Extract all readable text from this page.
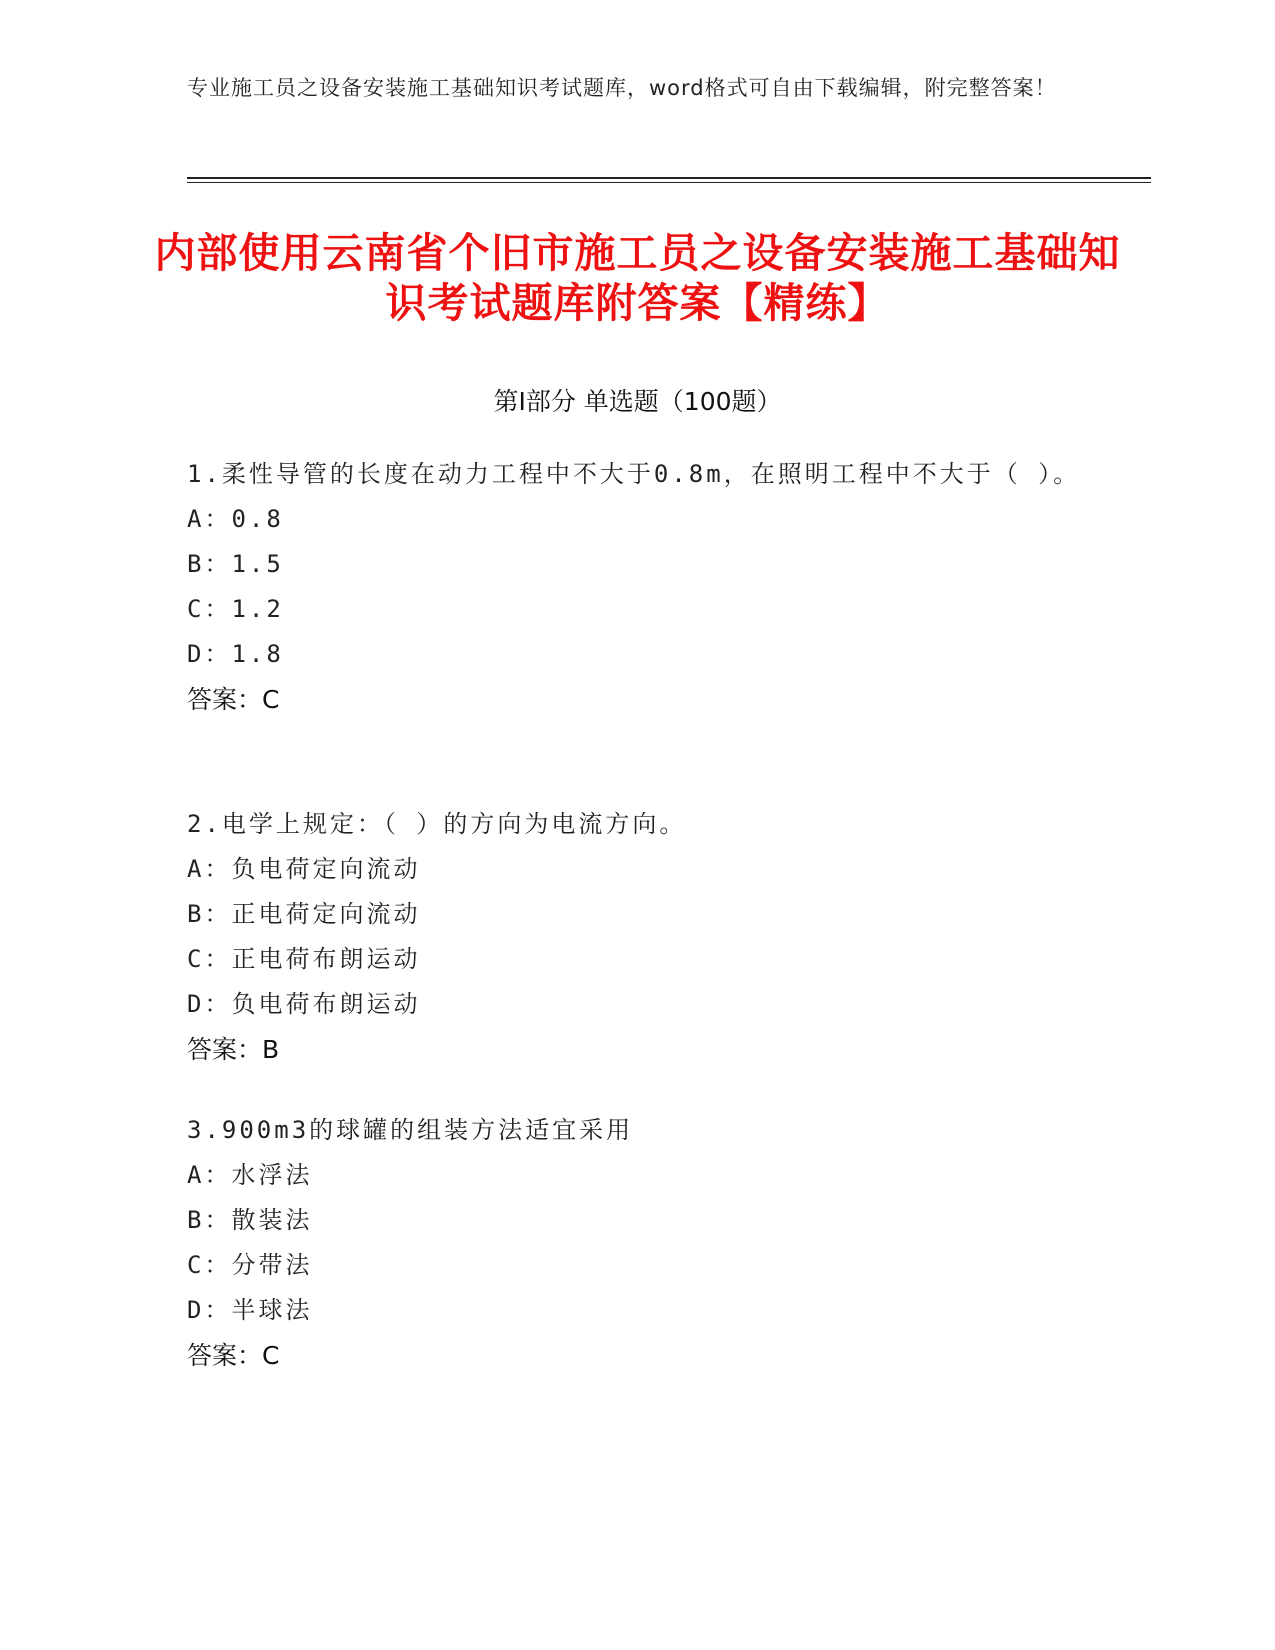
专业施工员之设备安装施工基础知识考试题库，word格式可自由下载编辑，附完整答案！
内部使用云南省个旧市施工员之设备安装施工基础知识考试题库附答案【精练】
第I部分 单选题（100题）

1.柔性导管的长度在动力工程中不大于0.8m，在照明工程中不大于（ ）。

A：0.8

B：1.5

C：1.2

D：1.8

答案：C

2.电学上规定：（ ）的方向为电流方向。

A：负电荷定向流动

B：正电荷定向流动

C：正电荷布朗运动

D：负电荷布朗运动

答案：B

3.900m3的球罐的组装方法适宜采用

A：水浮法

B：散装法

C：分带法

D：半球法

答案：C
